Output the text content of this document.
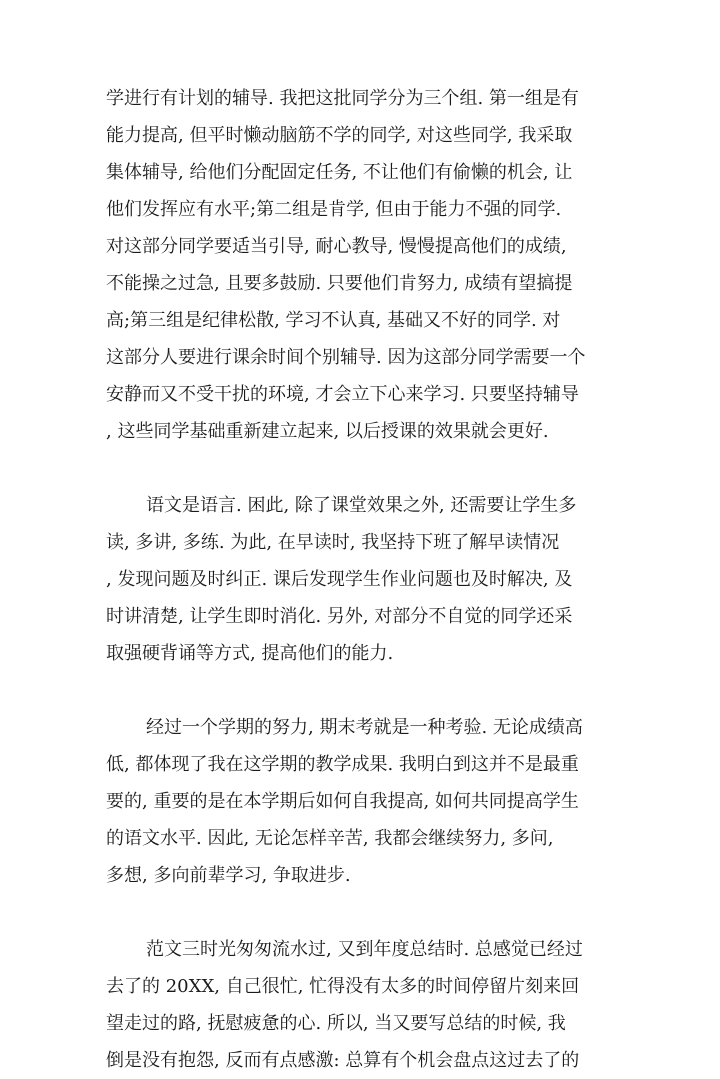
学进行有计划的辅导. 我把这批同学分为三个组. 第一组是有
能力提高, 但平时懒动脑筋不学的同学, 对这些同学, 我采取
集体辅导, 给他们分配固定任务, 不让他们有偷懒的机会, 让
他们发挥应有水平;第二组是肯学, 但由于能力不强的同学.
对这部分同学要适当引导, 耐心教导, 慢慢提高他们的成绩,
不能操之过急, 且要多鼓励. 只要他们肯努力, 成绩有望搞提
高;第三组是纪律松散, 学习不认真, 基础又不好的同学. 对
这部分人要进行课余时间个别辅导. 因为这部分同学需要一个
安静而又不受干扰的环境, 才会立下心来学习. 只要坚持辅导
, 这些同学基础重新建立起来, 以后授课的效果就会更好.
语文是语言. 困此, 除了课堂效果之外, 还需要让学生多
读, 多讲, 多练. 为此, 在早读时, 我坚持下班了解早读情况
, 发现问题及时纠正. 课后发现学生作业问题也及时解决, 及
时讲清楚, 让学生即时消化. 另外, 对部分不自觉的同学还采
取强硬背诵等方式, 提高他们的能力.
经过一个学期的努力, 期末考就是一种考验. 无论成绩高
低, 都体现了我在这学期的教学成果. 我明白到这并不是最重
要的, 重要的是在本学期后如何自我提高, 如何共同提高学生
的语文水平. 因此, 无论怎样辛苦, 我都会继续努力, 多问,
多想, 多向前辈学习, 争取进步.
范文三时光匆匆流水过, 又到年度总结时. 总感觉已经过
去了的 20XX, 自己很忙, 忙得没有太多的时间停留片刻来回
望走过的路, 抚慰疲惫的心. 所以, 当又要写总结的时候, 我
倒是没有抱怨, 反而有点感激: 总算有个机会盘点这过去了的
